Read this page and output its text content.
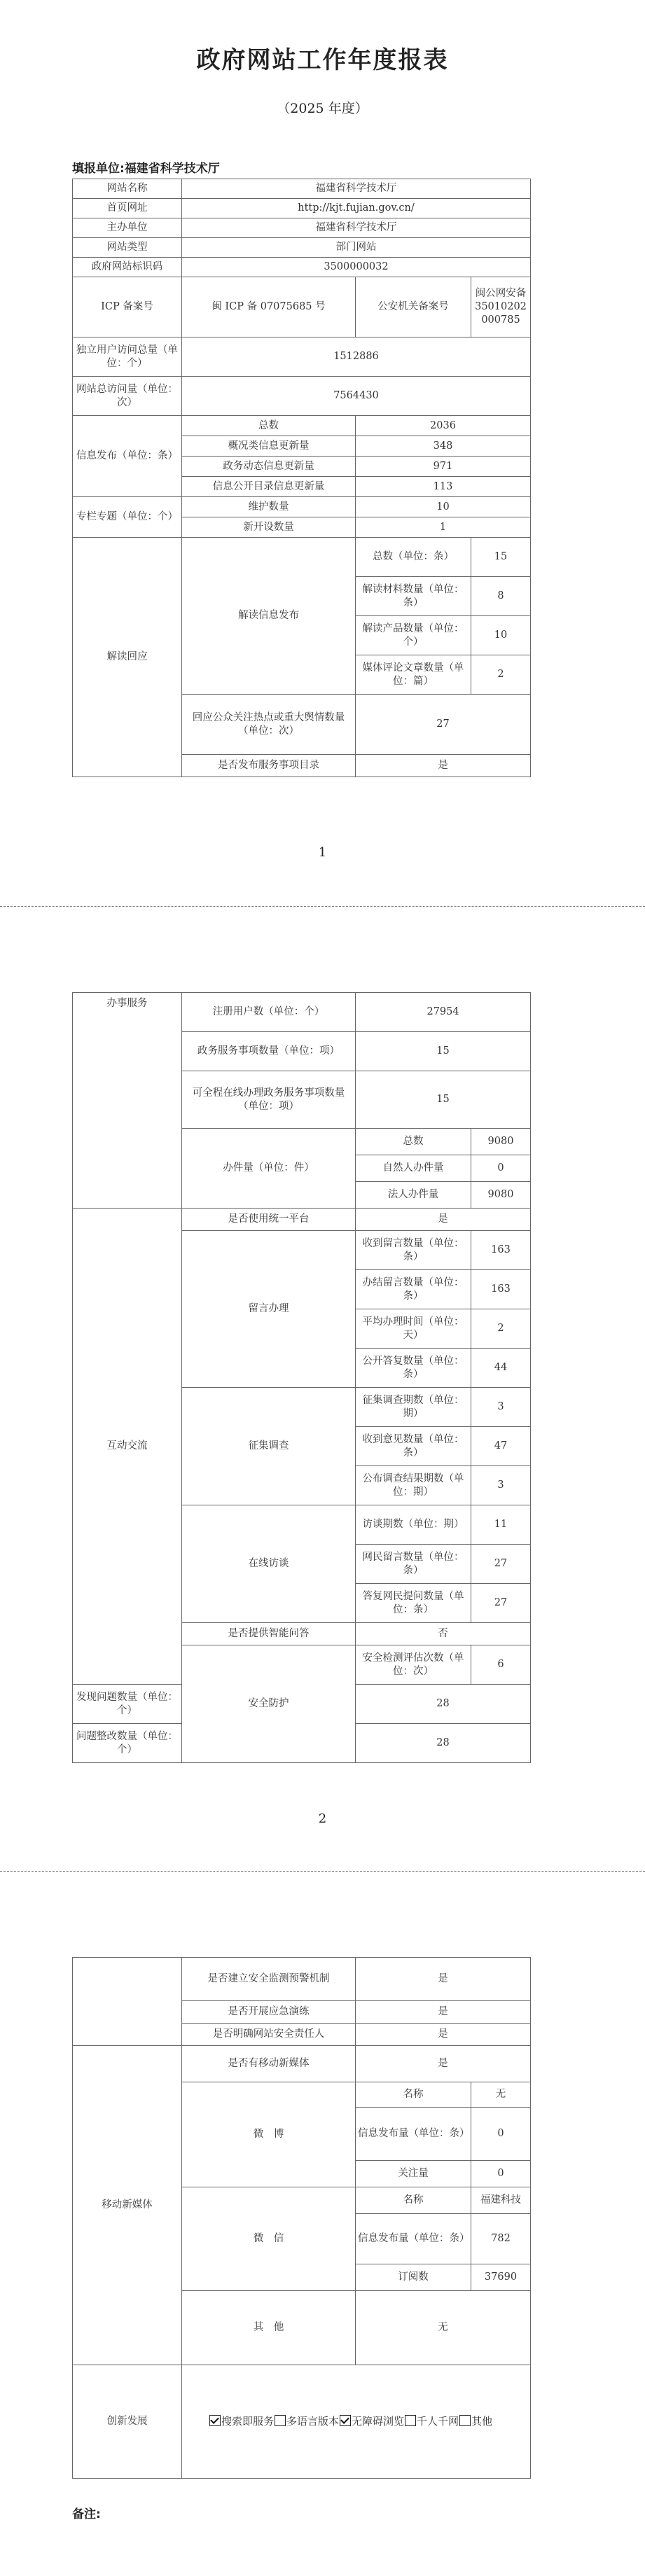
政府网站工作年度报表
（2025 年度）
填报单位:福建省科学技术厅
网站名称	福建省科学技术厅		
首页网址	http://kjt.fujian.gov.cn/		
主办单位	福建省科学技术厅		
网站类型	部门网站		
政府网站标识码	3500000032		
ICP 备案号	闽 ICP 备 07075685 号	公安机关备案号	闽公网安备 35010202000785
独立用户访问总量（单位：个）	1512886		
网站总访问量（单位：次）	7564430		
信息发布（单位：条）	总数	2036	
	概况类信息更新量	348	
	政务动态信息更新量	971	
	信息公开目录信息更新量	113	
专栏专题（单位：个）	维护数量	10	
	新开设数量	1	
解读回应	解读信息发布	总数（单位：条）	15
		解读材料数量（单位：条）	8
		解读产品数量（单位：个）	10
		媒体评论文章数量（单位：篇）	2
	回应公众关注热点或重大舆情数量（单位：次）	27	
	是否发布服务事项目录	是	
1
办事服务	注册用户数（单位：个）	27954	
	政务服务事项数量（单位：项）	15	
	可全程在线办理政务服务事项数量（单位：项）	15	
	办件量（单位：件）	总数	9080
		自然人办件量	0
		法人办件量	9080
互动交流	是否使用统一平台	是	
	留言办理	收到留言数量（单位：条）	163
		办结留言数量（单位：条）	163
		平均办理时间（单位：天）	2
		公开答复数量（单位：条）	44
	征集调查	征集调查期数（单位：期）	3
		收到意见数量（单位：条）	47
		公布调查结果期数（单位：期）	3
	在线访谈	访谈期数（单位：期）	11
		网民留言数量（单位：条）	27
		答复网民提问数量（单位：条）	27
	是否提供智能问答	否	
	安全防护	安全检测评估次数（单位：次）	6
发现问题数量（单位：个）		28	
问题整改数量（单位：个）		28	
2
	是否建立安全监测预警机制	是	
	是否开展应急演练	是	
	是否明确网站安全责任人	是	
移动新媒体	是否有移动新媒体	是	
	微　博	名称	无
		信息发布量（单位：条）	0
		关注量	0
	微　信	名称	福建科技
		信息发布量（单位：条）	782
		订阅数	37690
	其　他	无	
创新发展	搜索即服务 多语言版本 无障碍浏览 千人千网 其他		
备注:
